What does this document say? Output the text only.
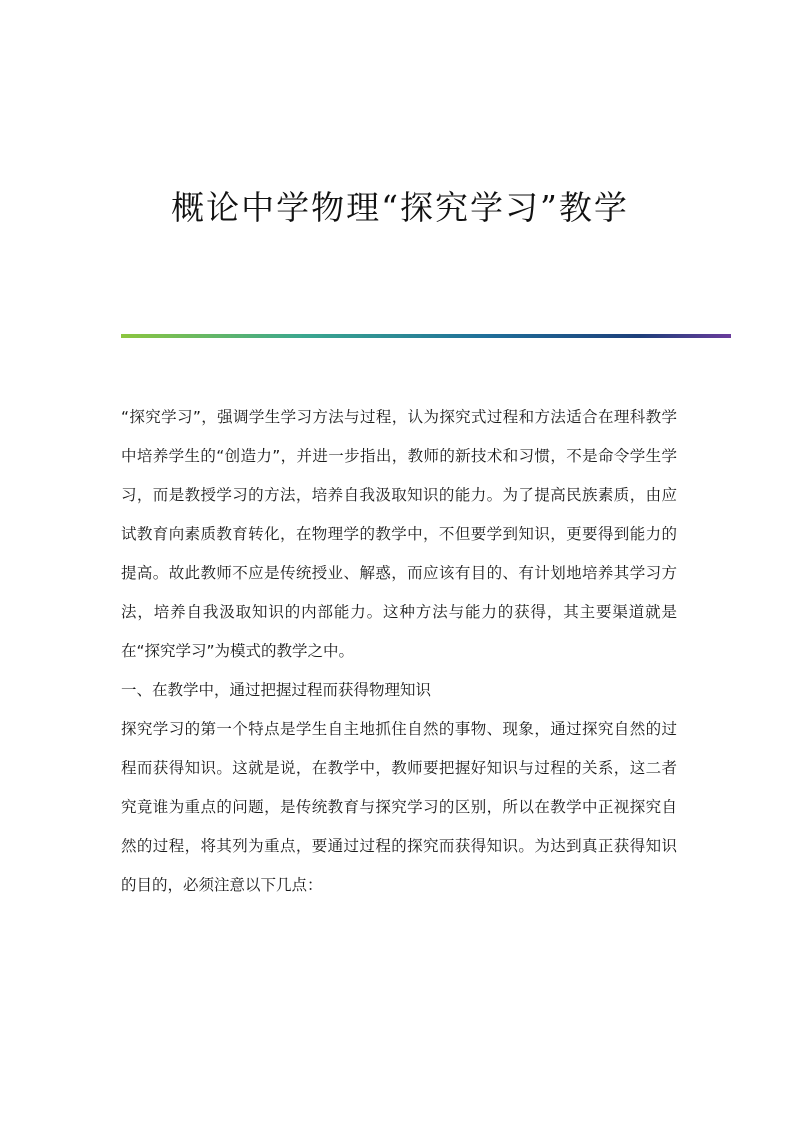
概论中学物理“探究学习”教学

“探究学习”，强调学生学习方法与过程，认为探究式过程和方法适合在理科教学中培养学生的“创造力”，并进一步指出，教师的新技术和习惯，不是命令学生学习，而是教授学习的方法，培养自我汲取知识的能力。为了提高民族素质，由应试教育向素质教育转化，在物理学的教学中，不但要学到知识，更要得到能力的提高。故此教师不应是传统授业、解惑，而应该有目的、有计划地培养其学习方法，培养自我汲取知识的内部能力。这种方法与能力的获得，其主要渠道就是在“探究学习”为模式的教学之中。

一、在教学中，通过把握过程而获得物理知识

探究学习的第一个特点是学生自主地抓住自然的事物、现象，通过探究自然的过程而获得知识。这就是说，在教学中，教师要把握好知识与过程的关系，这二者究竟谁为重点的问题，是传统教育与探究学习的区别，所以在教学中正视探究自然的过程，将其列为重点，要通过过程的探究而获得知识。为达到真正获得知识的目的，必须注意以下几点：
